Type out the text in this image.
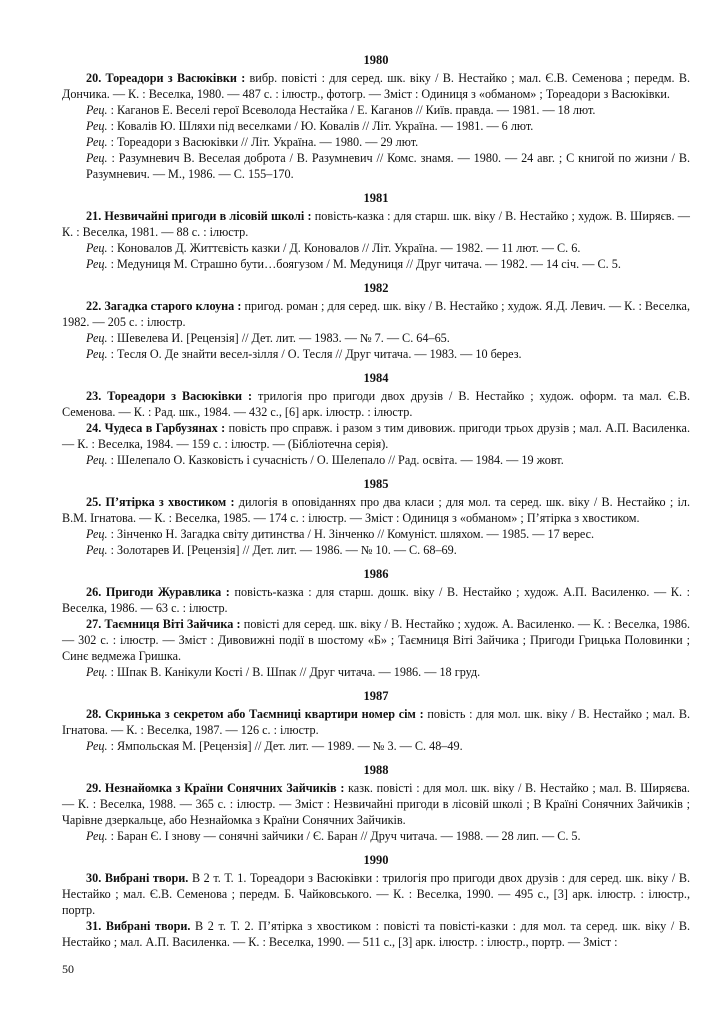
1980

20. Тореадори з Васюківки : вибр. повісті : для серед. шк. віку / В. Нестайко ; мал. Є.В. Семенова ; передм. В. Дончика. — К. : Веселка, 1980. — 487 с. : ілюстр., фотогр. — Зміст : Одиниця з «обманом» ; Тореадори з Васюківки.

Рец. : Каганов Е. Веселі герої Всеволода Нестайка / Е. Каганов // Київ. правда. — 1981. — 18 лют.

Рец. : Ковалів Ю. Шляхи під веселками / Ю. Ковалів // Літ. Україна. — 1981. — 6 лют.

Рец. : Тореадори з Васюківки // Літ. Україна. — 1980. — 29 лют.

Рец. : Разумневич В. Веселая доброта / В. Разумневич // Комс. знамя. — 1980. — 24 авг. ; С книгой по жизни / В. Разумневич. — М., 1986. — С. 155–170.

1981

21. Незвичайні пригоди в лісовій школі : повість-казка : для старш. шк. віку / В. Нестайко ; худож. В. Ширяєв. — К. : Веселка, 1981. — 88 с. : ілюстр.

Рец. : Коновалов Д. Життєвість казки / Д. Коновалов // Літ. Україна. — 1982. — 11 лют. — С. 6.

Рец. : Медуниця М. Страшно бути…боягузом / М. Медуниця // Друг читача. — 1982. — 14 січ. — С. 5.

1982

22. Загадка старого клоуна : пригод. роман ; для серед. шк. віку / В. Нестайко ; худож. Я.Д. Левич. — К. : Веселка, 1982. — 205 с. : ілюстр.

Рец. : Шевелева И. [Рецензія] // Дет. лит. — 1983. — № 7. — С. 64–65.

Рец. : Тесля О. Де знайти весел-зілля / О. Тесля // Друг читача. — 1983. — 10 берез.

1984

23. Тореадори з Васюківки : трилогія про пригоди двох друзів / В. Нестайко ; худож. оформ. та мал. Є.В. Семенова. — К. : Рад. шк., 1984. — 432 с., [6] арк. ілюстр. : ілюстр.

24. Чудеса в Гарбузянах : повість про справж. і разом з тим дивовиж. пригоди трьох друзів ; мал. А.П. Василенка. — К. : Веселка, 1984. — 159 с. : ілюстр. — (Бібліотечна серія).

Рец. : Шелепало О. Казковість і сучасність / О. Шелепало // Рад. освіта. — 1984. — 19 жовт.

1985

25. П’ятірка з хвостиком : дилогія в оповіданнях про два класи ; для мол. та серед. шк. віку / В. Нестайко ; іл. В.М. Ігнатова. — К. : Веселка, 1985. — 174 с. : ілюстр. — Зміст : Одиниця з «обманом» ; П’ятірка з хвостиком.

Рец. : Зінченко Н. Загадка світу дитинства / Н. Зінченко // Комуніст. шляхом. — 1985. — 17 верес.

Рец. : Золотарев И. [Рецензія] // Дет. лит. — 1986. — № 10. — С. 68–69.

1986

26. Пригоди Журавлика : повість-казка : для старш. дошк. віку / В. Нестайко ; худож. А.П. Василенко. — К. : Веселка, 1986. — 63 с. : ілюстр.

27. Таємниця Віті Зайчика : повісті для серед. шк. віку / В. Нестайко ; худож. А. Василенко. — К. : Веселка, 1986. — 302 с. : ілюстр. — Зміст : Дивовижні події в шостому «Б» ; Таємниця Віті Зайчика ; Пригоди Грицька Половинки ; Синє ведмежа Гришка.

Рец. : Шпак В. Канікули Кості / В. Шпак // Друг читача. — 1986. — 18 груд.

1987

28. Скринька з секретом або Таємниці квартири номер сім : повість : для мол. шк. віку / В. Нестайко ; мал. В. Ігнатова. — К. : Веселка, 1987. — 126 с. : ілюстр.

Рец. : Ямпольская М. [Рецензія] // Дет. лит. — 1989. — № 3. — С. 48–49.

1988

29. Незнайомка з Країни Сонячних Зайчиків : казк. повісті : для мол. шк. віку / В. Нестайко ; мал. В. Ширяєва. — К. : Веселка, 1988. — 365 с. : ілюстр. — Зміст : Незвичайні пригоди в лісовій школі ; В Країні Сонячних Зайчиків ; Чарівне дзеркальце, або Незнайомка з Країни Сонячних Зайчиків.

Рец. : Баран Є. І знову — сонячні зайчики / Є. Баран // Друч читача. — 1988. — 28 лип. — С. 5.

1990

30. Вибрані твори. В 2 т. Т. 1. Тореадори з Васюківки : трилогія про пригоди двох друзів : для серед. шк. віку / В. Нестайко ; мал. Є.В. Семенова ; передм. Б. Чайковського. — К. : Веселка, 1990. — 495 с., [3] арк. ілюстр. : ілюстр., портр.

31. Вибрані твори. В 2 т. Т. 2. П’ятірка з хвостиком : повісті та повісті-казки : для мол. та серед. шк. віку / В. Нестайко ; мал. А.П. Василенка. — К. : Веселка, 1990. — 511 с., [3] арк. ілюстр. : ілюстр., портр. — Зміст :

50
